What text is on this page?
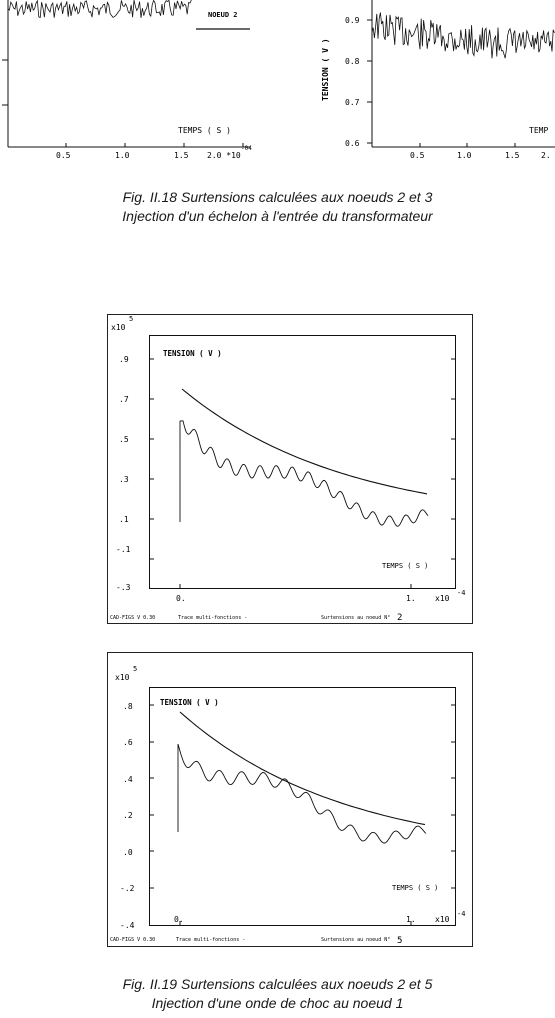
NOEUD 2
TEMPS ( S )
0.5	1.0	1.5 2.0 *10
-04
0.9
0.8
0.7
0.6
TENSION ( V )
TEMP
0.5	1.0	1.5	2.
Fig. II.18 Surtensions calculées aux noeuds 2 et 3
Injection d'un échelon à l'entrée du transformateur
x10
5
.9
.7
.5
.3
.1
-.1
-.3
TENSION ( V )
TEMPS ( S )
0.	1. x10
-4
CAD-FIGS V 0.30	Trace multi-fonctions -	Surtensions au noeud N° 2
x10
5
.8
.6
.4
.2
.0
-.2
-.4
TENSION ( V )
TEMPS ( S )
0.	1. x10
-4
CAD-FIGS V 0.30	Trace multi-fonctions -	Surtensions au noeud N° 5
Fig. II.19 Surtensions calculées aux noeuds 2 et 5
Injection d'une onde de choc au noeud 1
